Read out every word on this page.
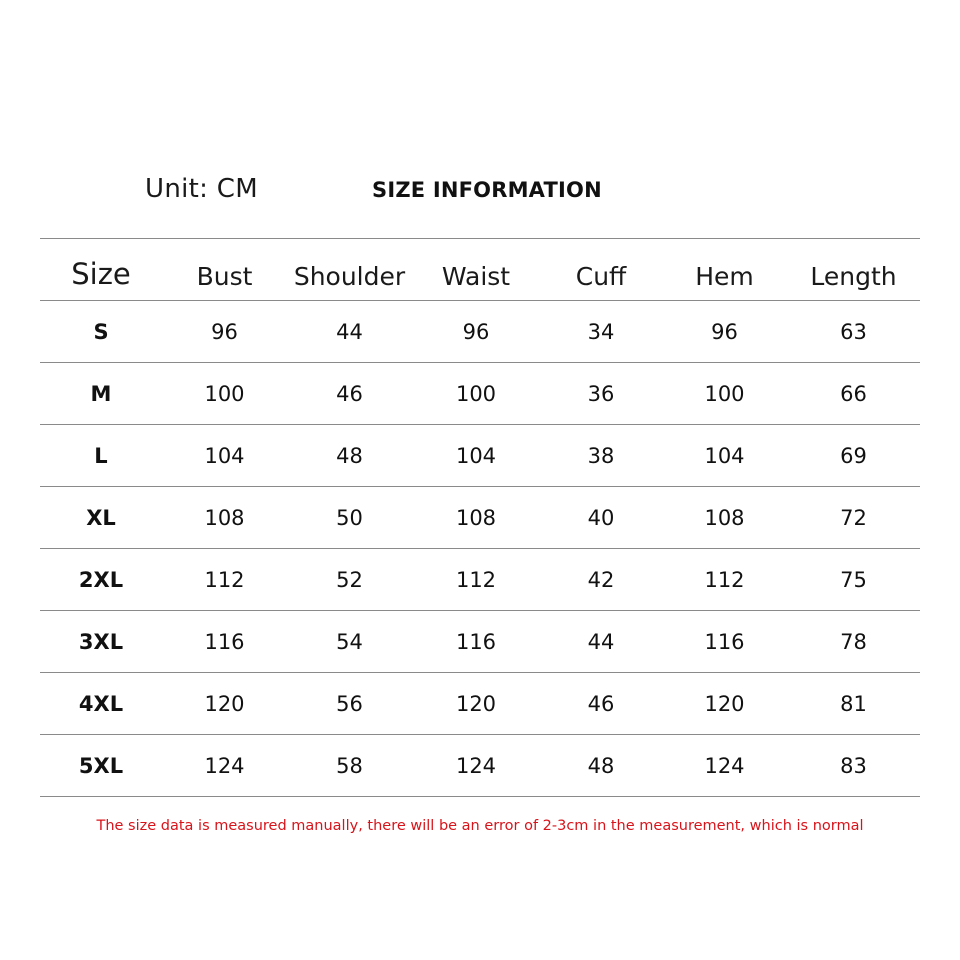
Unit: CM	SIZE INFORMATION
Size	Bust	Shoulder	Waist	Cuff	Hem	Length
S	96	44	96	34	96	63
M	100	46	100	36	100	66
L	104	48	104	38	104	69
XL	108	50	108	40	108	72
2XL	112	52	112	42	112	75
3XL	116	54	116	44	116	78
4XL	120	56	120	46	120	81
5XL	124	58	124	48	124	83
The size data is measured manually, there will be an error of 2-3cm in the measurement, which is normal
